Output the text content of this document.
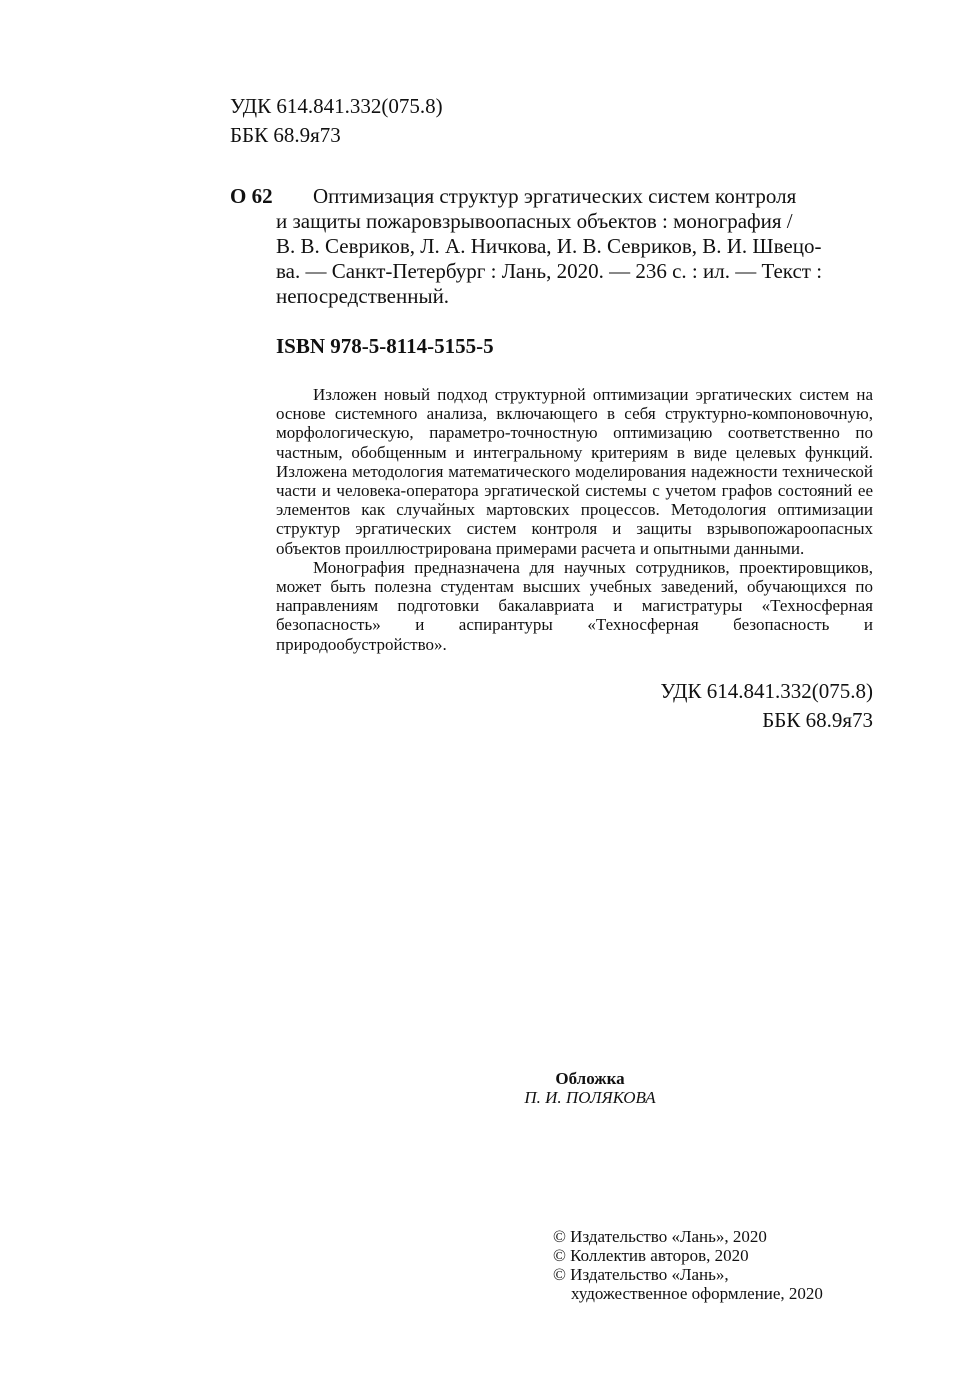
УДК 614.841.332(075.8)
ББК 68.9я73
О 62	Оптимизация структур эргатических систем контроля
и защиты пожаровзрывоопасных объектов : монография /
В. В. Севриков, Л. А. Ничкова, И. В. Севриков, В. И. Швецо-
ва. — Санкт-Петербург : Лань, 2020. — 236 с. : ил. — Текст :
непосредственный.
ISBN 978-5-8114-5155-5

Изложен новый подход структурной оптимизации эргатических систем на основе системного анализа, включающего в себя структурно-компоновочную, морфологическую, параметро-точностную оптимизацию соответственно по частным, обобщенным и интегральному критериям в виде целевых функций. Изложена методология математического моделирования надежности технической части и человека-оператора эргатической системы с учетом графов состояний ее элементов как случайных мартовских процессов. Методология оптимизации структур эргатических систем контроля и защиты взрывопожароопасных объектов проиллюстрирована примерами расчета и опытными данными.

Монография предназначена для научных сотрудников, проектировщиков, может быть полезна студентам высших учебных заведений, обучающихся по направлениям подготовки бакалавриата и магистратуры «Техносферная безопасность» и аспирантуры «Техносферная безопасность и природообустройство».

УДК 614.841.332(075.8)
ББК 68.9я73
Обложка
П. И. ПОЛЯКОВА
© Издательство «Лань», 2020
© Коллектив авторов, 2020
© Издательство «Лань»,
художественное оформление, 2020
